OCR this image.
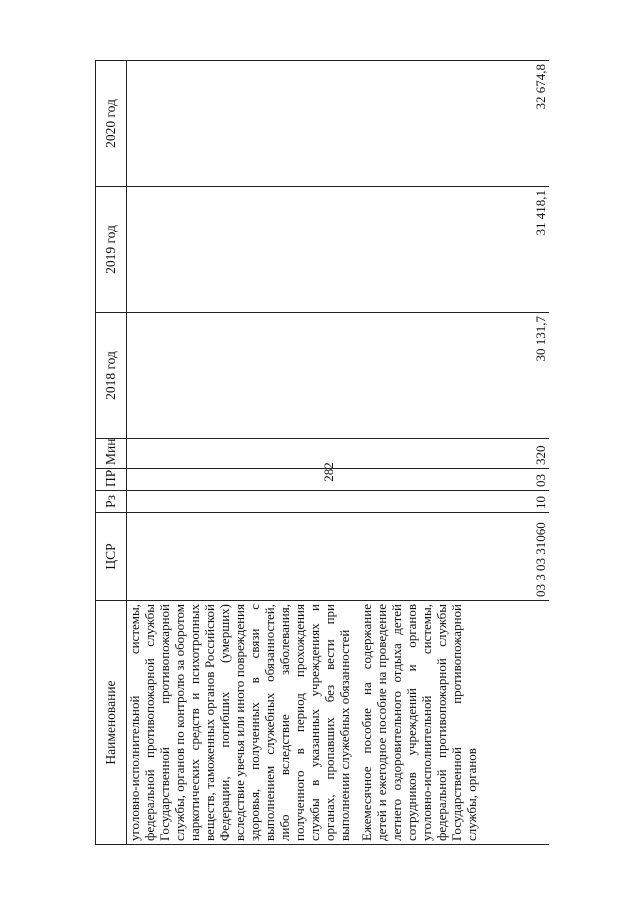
282
Наименование	ЦСР	Рз	ПР	Мин	2018 год	2019 год	2020 год
уголовно-исполнительной системы, федеральной противопожарной службы Государственной противопожарной службы, органов по контролю за оборотом наркотических средств и психотропных веществ, таможенных органов Российской Федерации, погибших (умерших) вследствие увечья или иного повреждения здоровья, полученных в связи с выполнением служебных обязанностей, либо вследствие заболевания, полученного в период прохождения службы в указанных учреждениях и органах, пропавших без вести при выполнении служебных обязанностей							
Ежемесячное пособие на содержание детей и ежегодное пособие на проведение летнего оздоровительного отдыха детей сотрудников учреждений и органов уголовно-исполнительной системы, федеральной противопожарной службы Государственной противопожарной службы, органов	03 3 03 31060	10	03	320	30 131,7	31 418,1	32 674,8
